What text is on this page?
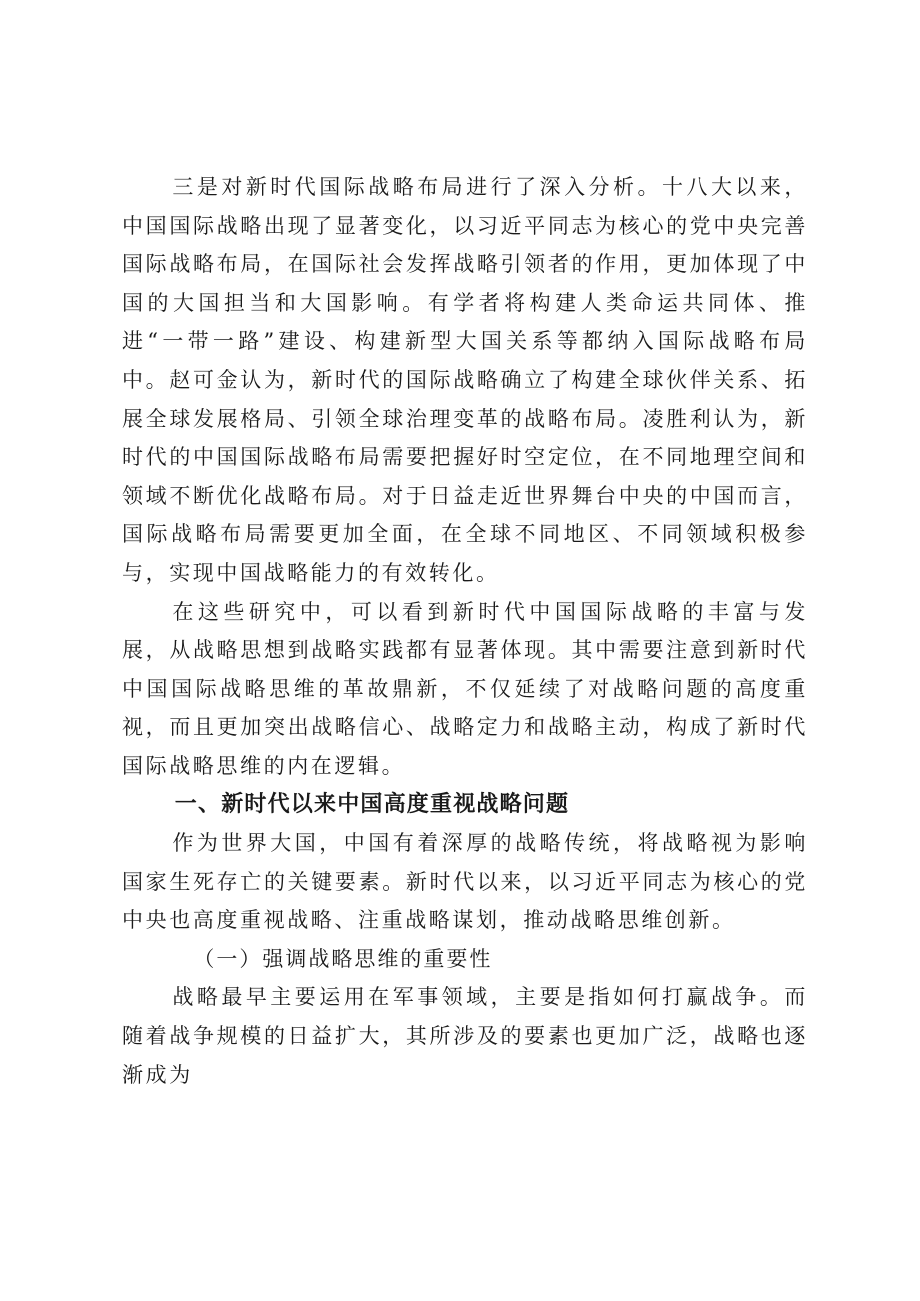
三是对新时代国际战略布局进行了深入分析。十八大以来，中国国际战略出现了显著变化，以习近平同志为核心的党中央完善国际战略布局，在国际社会发挥战略引领者的作用，更加体现了中国的大国担当和大国影响。有学者将构建人类命运共同体、推进“一带一路”建设、构建新型大国关系等都纳入国际战略布局中。赵可金认为，新时代的国际战略确立了构建全球伙伴关系、拓展全球发展格局、引领全球治理变革的战略布局。凌胜利认为，新时代的中国国际战略布局需要把握好时空定位，在不同地理空间和领域不断优化战略布局。对于日益走近世界舞台中央的中国而言，国际战略布局需要更加全面，在全球不同地区、不同领域积极参与，实现中国战略能力的有效转化。

在这些研究中，可以看到新时代中国国际战略的丰富与发展，从战略思想到战略实践都有显著体现。其中需要注意到新时代中国国际战略思维的革故鼎新，不仅延续了对战略问题的高度重视，而且更加突出战略信心、战略定力和战略主动，构成了新时代国际战略思维的内在逻辑。

一、新时代以来中国高度重视战略问题

作为世界大国，中国有着深厚的战略传统，将战略视为影响国家生死存亡的关键要素。新时代以来，以习近平同志为核心的党中央也高度重视战略、注重战略谋划，推动战略思维创新。

（一）强调战略思维的重要性

战略最早主要运用在军事领域，主要是指如何打赢战争。而随着战争规模的日益扩大，其所涉及的要素也更加广泛，战略也逐渐成为
